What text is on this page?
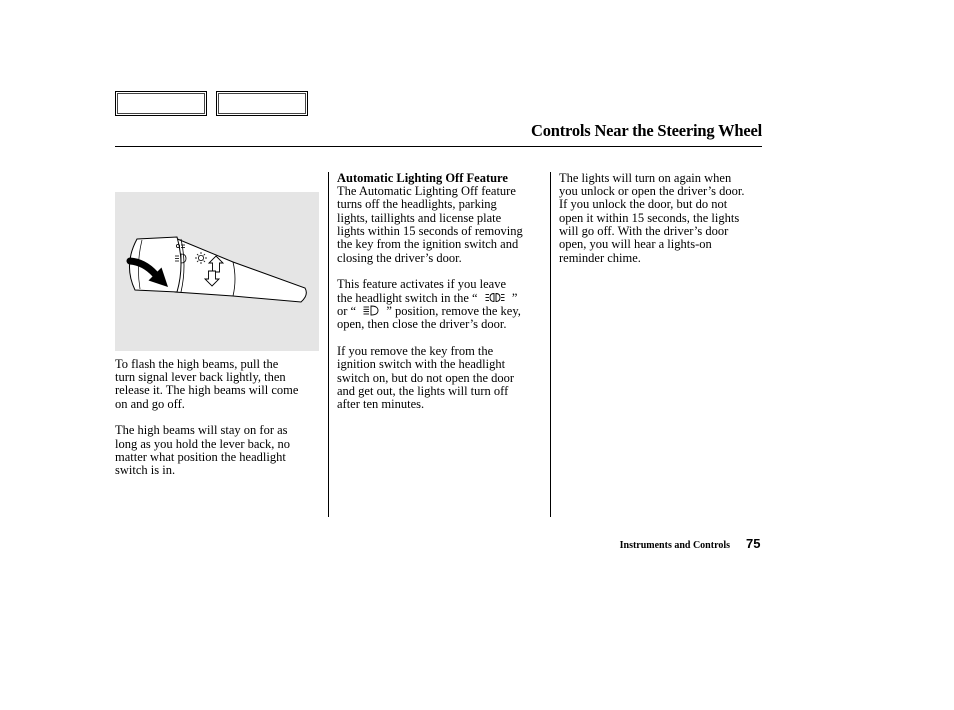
Controls Near the Steering Wheel
To flash the high beams, pull the
turn signal lever back lightly, then
release it. The high beams will come
on and go off.
The high beams will stay on for as
long as you hold the lever back, no
matter what position the headlight
switch is in.
Automatic Lighting Off Feature
The Automatic Lighting Off feature
turns off the headlights, parking
lights, taillights and license plate
lights within 15 seconds of removing
the key from the ignition switch and
closing the driver’s door.
This feature activates if you leave
the headlight switch in the “
”
or “
” position, remove the key,
open, then close the driver’s door.
If you remove the key from the
ignition switch with the headlight
switch on, but do not open the door
and get out, the lights will turn off
after ten minutes.
The lights will turn on again when
you unlock or open the driver’s door.
If you unlock the door, but do not
open it within 15 seconds, the lights
will go off. With the driver’s door
open, you will hear a lights-on
reminder chime.
Instruments and Controls 75
